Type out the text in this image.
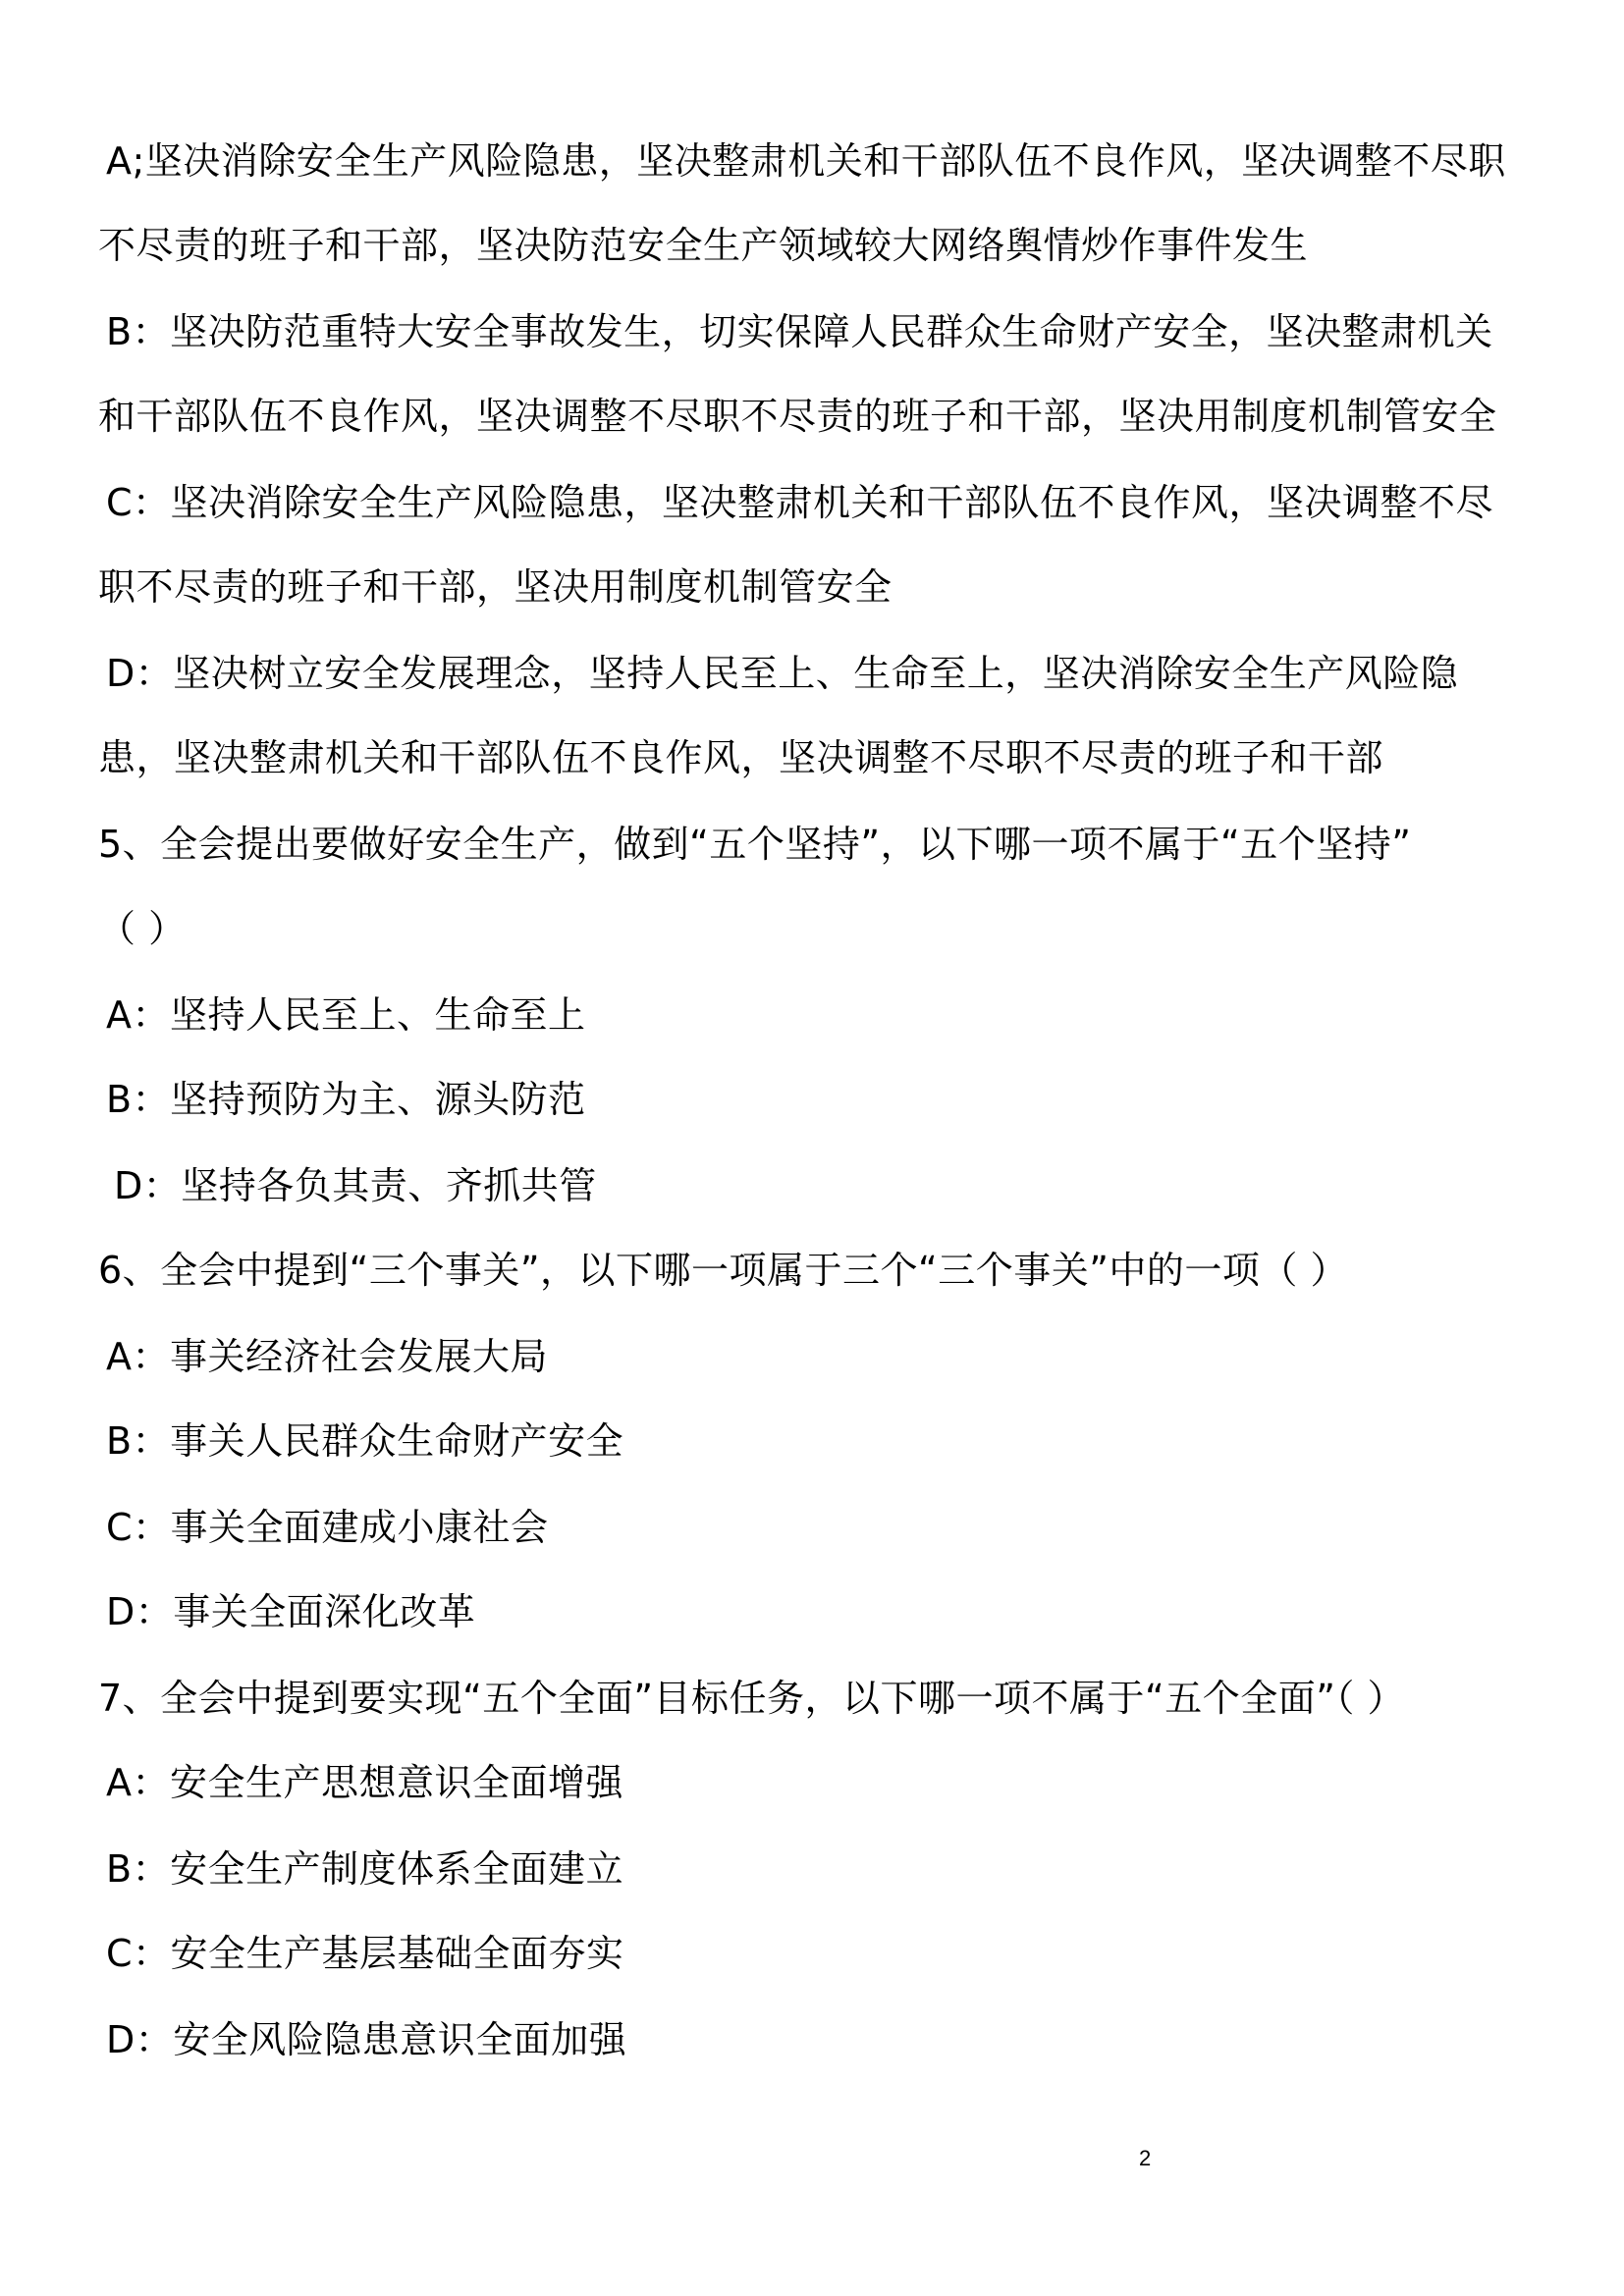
A;坚决消除安全生产风险隐患，坚决整肃机关和干部队伍不良作风，坚决调整不尽职
不尽责的班子和干部，坚决防范安全生产领域较大网络舆情炒作事件发生
B：坚决防范重特大安全事故发生，切实保障人民群众生命财产安全，坚决整肃机关
和干部队伍不良作风，坚决调整不尽职不尽责的班子和干部，坚决用制度机制管安全
C：坚决消除安全生产风险隐患，坚决整肃机关和干部队伍不良作风，坚决调整不尽
职不尽责的班子和干部，坚决用制度机制管安全
D：坚决树立安全发展理念，坚持人民至上、生命至上，坚决消除安全生产风险隐
患，坚决整肃机关和干部队伍不良作风，坚决调整不尽职不尽责的班子和干部
5、全会提出要做好安全生产，做到“五个坚持”，以下哪一项不属于“五个坚持”
（ ）
A：坚持人民至上、生命至上
B：坚持预防为主、源头防范
D：坚持各负其责、齐抓共管
6、全会中提到“三个事关”，以下哪一项属于三个“三个事关”中的一项（ ）
A：事关经济社会发展大局
B：事关人民群众生命财产安全
C：事关全面建成小康社会
D：事关全面深化改革
7、全会中提到要实现“五个全面”目标任务，以下哪一项不属于“五个全面”（ ）
A：安全生产思想意识全面增强
B：安全生产制度体系全面建立
C：安全生产基层基础全面夯实
D：安全风险隐患意识全面加强
2
